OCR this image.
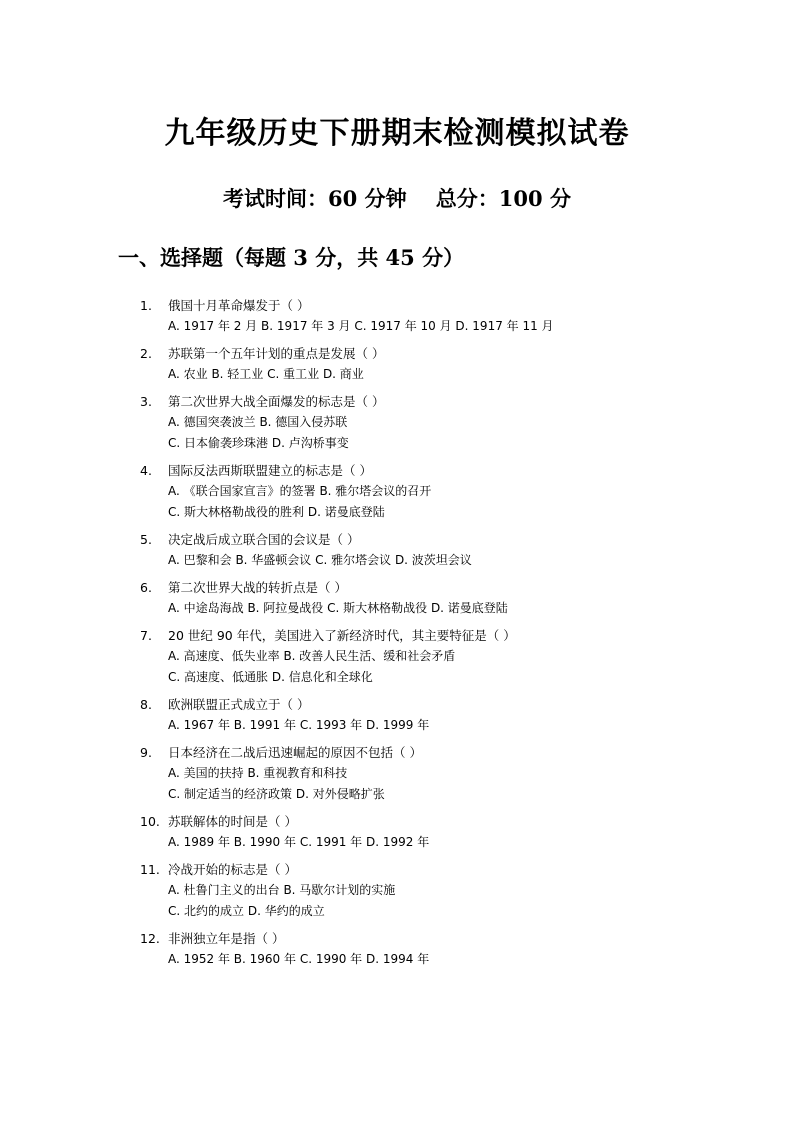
九年级历史下册期末检测模拟试卷
考试时间：60 分钟    总分：100 分
一、选择题（每题 3 分，共 45 分）
1.	俄国十月革命爆发于（ ）
A. 1917 年 2 月 B. 1917 年 3 月 C. 1917 年 10 月 D. 1917 年 11 月
2.	苏联第一个五年计划的重点是发展（ ）
A. 农业 B. 轻工业 C. 重工业 D. 商业
3.	第二次世界大战全面爆发的标志是（ ）
A. 德国突袭波兰 B. 德国入侵苏联
C. 日本偷袭珍珠港 D. 卢沟桥事变
4.	国际反法西斯联盟建立的标志是（ ）
A. 《联合国家宣言》的签署 B. 雅尔塔会议的召开
C. 斯大林格勒战役的胜利 D. 诺曼底登陆
5.	决定战后成立联合国的会议是（ ）
A. 巴黎和会 B. 华盛顿会议 C. 雅尔塔会议 D. 波茨坦会议
6.	第二次世界大战的转折点是（ ）
A. 中途岛海战 B. 阿拉曼战役 C. 斯大林格勒战役 D. 诺曼底登陆
7.	20 世纪 90 年代，美国进入了新经济时代，其主要特征是（ ）
A. 高速度、低失业率 B. 改善人民生活、缓和社会矛盾
C. 高速度、低通胀 D. 信息化和全球化
8.	欧洲联盟正式成立于（ ）
A. 1967 年 B. 1991 年 C. 1993 年 D. 1999 年
9.	日本经济在二战后迅速崛起的原因不包括（ ）
A. 美国的扶持 B. 重视教育和科技
C. 制定适当的经济政策 D. 对外侵略扩张
10. 苏联解体的时间是（ ）
A. 1989 年 B. 1990 年 C. 1991 年 D. 1992 年
11. 冷战开始的标志是（ ）
A. 杜鲁门主义的出台 B. 马歇尔计划的实施
C. 北约的成立 D. 华约的成立
12. 非洲独立年是指（ ）
A. 1952 年 B. 1960 年 C. 1990 年 D. 1994 年
